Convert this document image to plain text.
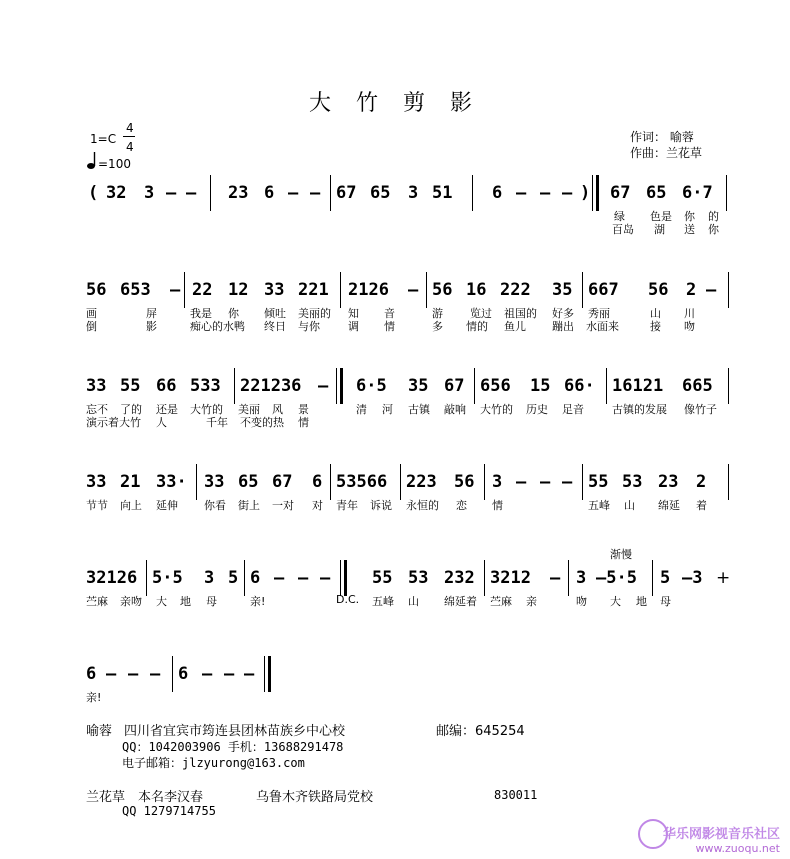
大 竹 剪 影
1=C
4
4
=100
作词： 喻蓉
作曲：兰花草
( 32 3 – – 23 6 – – 67 65 3 51 6 – – – ) 67 65 6·7
绿 色是 你 的
百岛 湖 送 你
56 653 – 22 12 33 221 2126 – 56 16 222 35 667 56 2 –
画	屏	我是 你 倾吐 美丽的 知 音	游 览过 祖国的 好多 秀丽	山 川
倒	影	痴心的水鸭 终日 与你	调 情	多 情的 鱼儿 蹦出 水面来	接 吻
33 55 66 533 221236 – 6·5 35 67 656 15 66· 16121 665
忘不 了的 还是 大竹的 美丽 风 景	清 河 古镇 敲响 大竹的 历史 足音	古镇的发展 像竹子
演示着大竹 人	千年 不变的热 情
33 21 33· 33 65 67 6 53566 223 56 3 – – – 55 53 23 2
节节 向上 延伸 你看 街上 一对 对 青年 诉说 永恒的 恋 情	五峰 山 绵延 着
渐慢
32126 5·5 3 5 6 – – – 55 53 232 3212 – 3 –5·5 5 –3 +
苎麻 亲吻 大 地 母	亲!	D.C. 五峰 山 绵延着 苎麻 亲	吻 大 地 母
6 – – – 6 – – –
亲!
喻蓉 四川省宜宾市筠连县团林苗族乡中心校	邮编：645254
QQ：1042003906 手机：13688291478
电子邮箱：jlzyurong@163.com
兰花草 本名李汉春	乌鲁木齐铁路局党校	830011
QQ 1279714755
华乐网影视音乐社区
www.zuoqu.net
